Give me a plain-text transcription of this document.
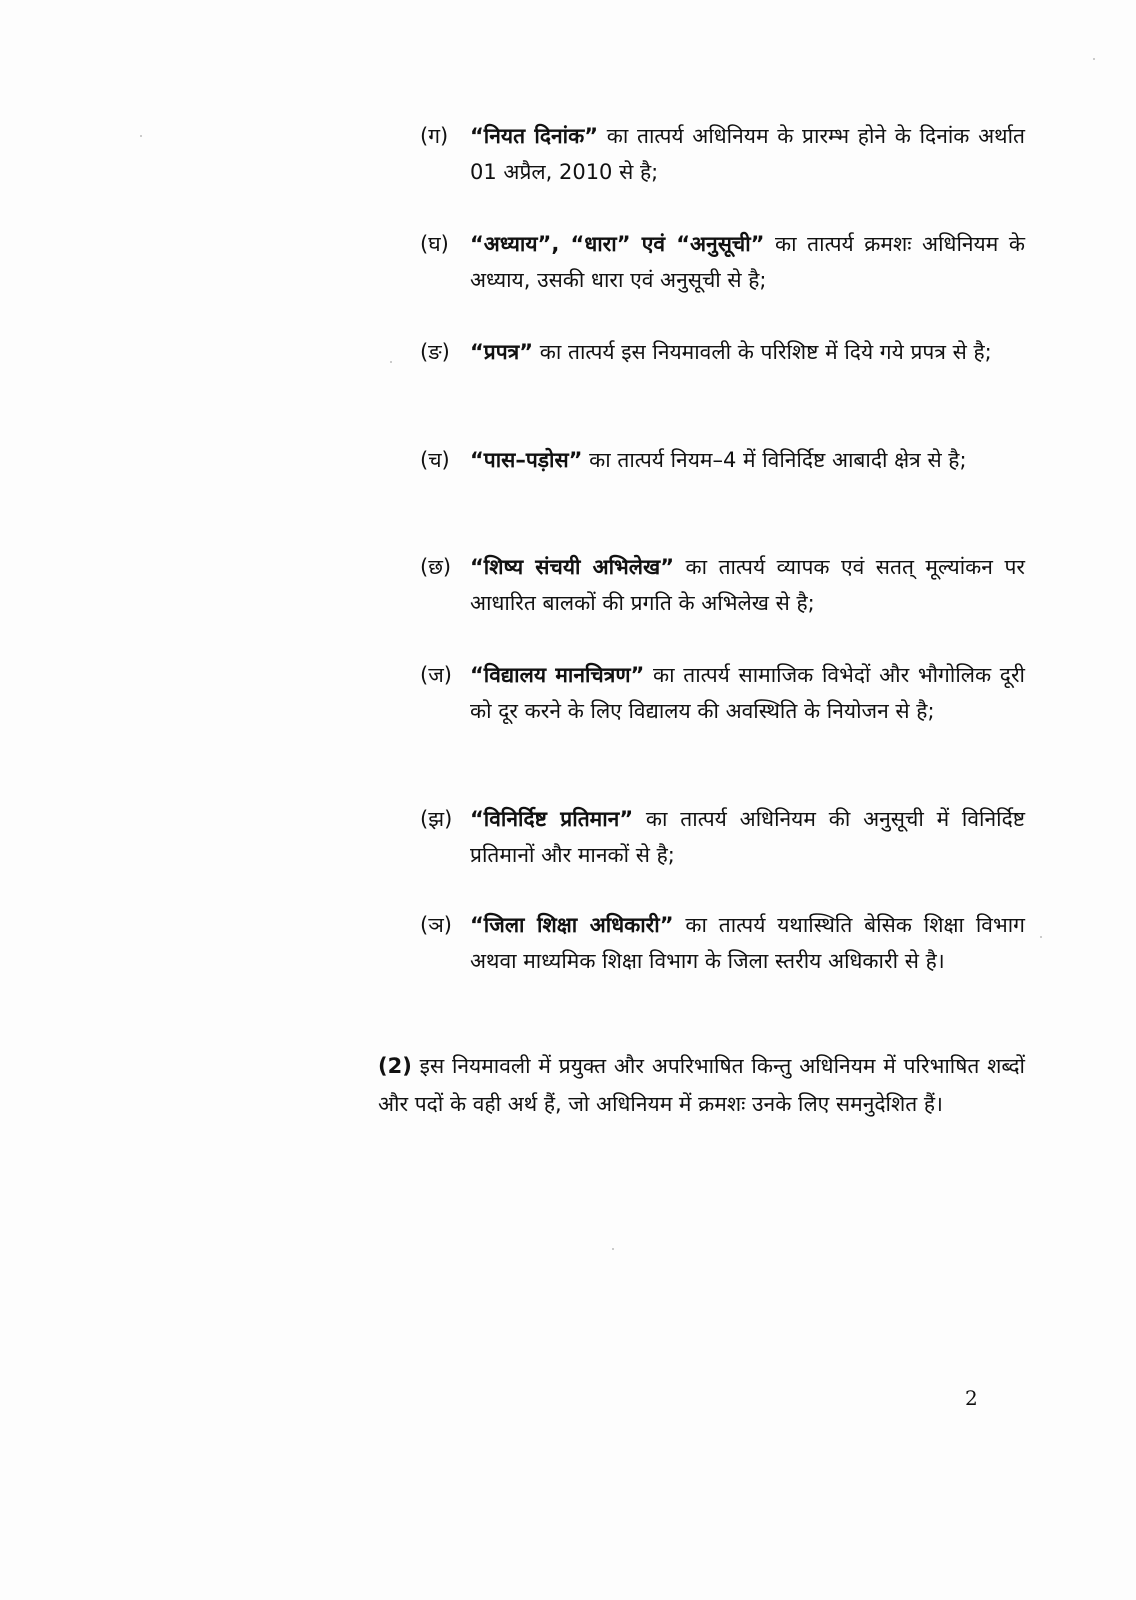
(ग) “नियत दिनांक” का तात्पर्य अधिनियम के प्रारम्भ होने के दिनांक अर्थात 01 अप्रैल, 2010 से है;
(घ) “अध्याय”, “धारा” एवं “अनुसूची” का तात्पर्य क्रमशः अधिनियम के अध्याय, उसकी धारा एवं अनुसूची से है;
(ङ) “प्रपत्र” का तात्पर्य इस नियमावली के परिशिष्ट में दिये गये प्रपत्र से है;
(च) “पास–पड़ोस” का तात्पर्य नियम–4 में विनिर्दिष्ट आबादी क्षेत्र से है;
(छ) “शिष्य संचयी अभिलेख” का तात्पर्य व्यापक एवं सतत् मूल्यांकन पर आधारित बालकों की प्रगति के अभिलेख से है;
(ज) “विद्यालय मानचित्रण” का तात्पर्य सामाजिक विभेदों और भौगोलिक दूरी को दूर करने के लिए विद्यालय की अवस्थिति के नियोजन से है;
(झ) “विनिर्दिष्ट प्रतिमान” का तात्पर्य अधिनियम की अनुसूची में विनिर्दिष्ट प्रतिमानों और मानकों से है;
(ञ) “जिला शिक्षा अधिकारी” का तात्पर्य यथास्थिति बेसिक शिक्षा विभाग अथवा माध्यमिक शिक्षा विभाग के जिला स्तरीय अधिकारी से है।
(2) इस नियमावली में प्रयुक्त और अपरिभाषित किन्तु अधिनियम में परिभाषित शब्दों और पदों के वही अर्थ हैं, जो अधिनियम में क्रमशः उनके लिए समनुदेशित हैं।
2
